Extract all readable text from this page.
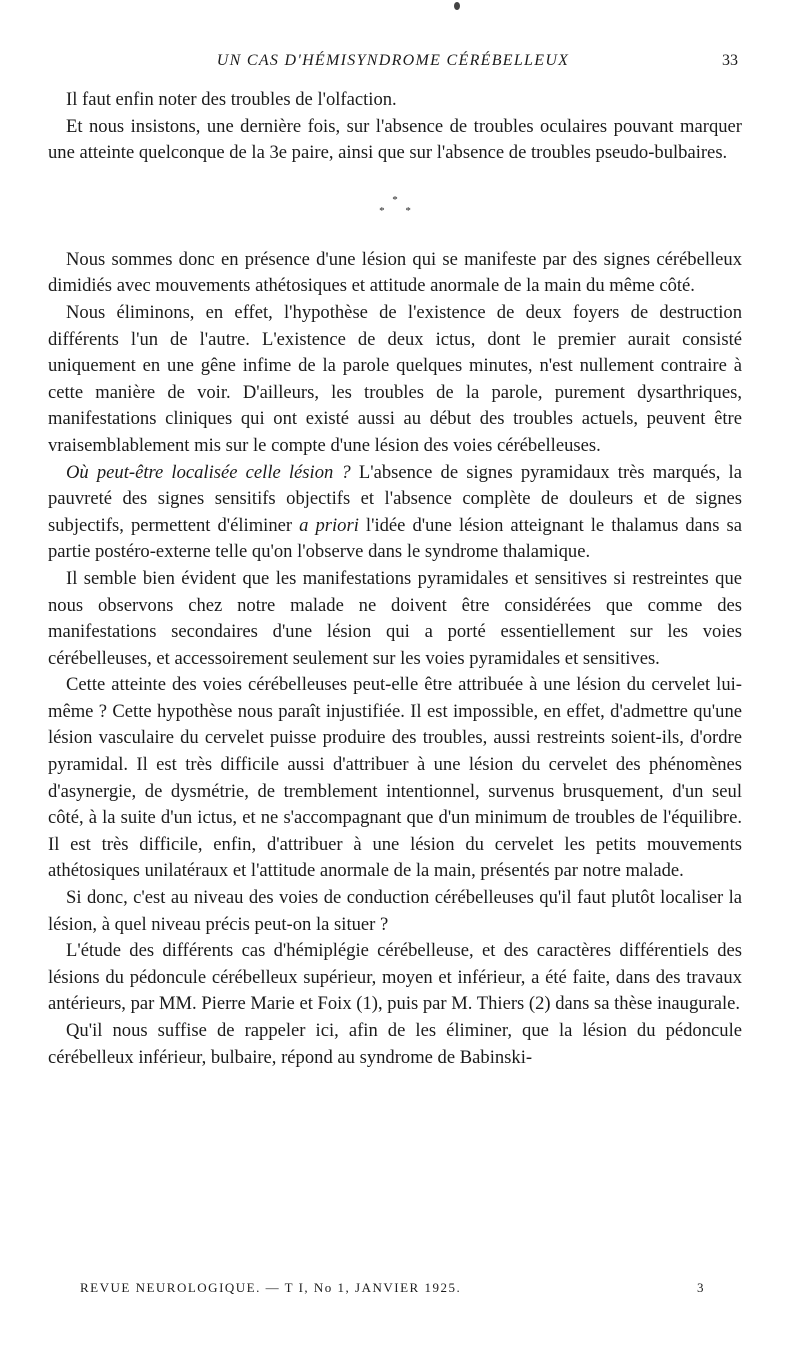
UN CAS D'HÉMISYNDROME CÉRÉBELLEUX	33

Il faut enfin noter des troubles de l'olfaction.

Et nous insistons, une dernière fois, sur l'absence de troubles oculaires pouvant marquer une atteinte quelconque de la 3e paire, ainsi que sur l'absence de troubles pseudo-bulbaires.

*
* *

Nous sommes donc en présence d'une lésion qui se manifeste par des signes cérébelleux dimidiés avec mouvements athétosiques et attitude anormale de la main du même côté.

Nous éliminons, en effet, l'hypothèse de l'existence de deux foyers de destruction différents l'un de l'autre. L'existence de deux ictus, dont le premier aurait consisté uniquement en une gêne infime de la parole quelques minutes, n'est nullement contraire à cette manière de voir. D'ailleurs, les troubles de la parole, purement dysarthriques, manifestations cliniques qui ont existé aussi au début des troubles actuels, peuvent être vraisemblablement mis sur le compte d'une lésion des voies cérébelleuses.

Où peut-être localisée celle lésion ? L'absence de signes pyramidaux très marqués, la pauvreté des signes sensitifs objectifs et l'absence complète de douleurs et de signes subjectifs, permettent d'éliminer a priori l'idée d'une lésion atteignant le thalamus dans sa partie postéro-externe telle qu'on l'observe dans le syndrome thalamique.

Il semble bien évident que les manifestations pyramidales et sensitives si restreintes que nous observons chez notre malade ne doivent être considérées que comme des manifestations secondaires d'une lésion qui a porté essentiellement sur les voies cérébelleuses, et accessoirement seulement sur les voies pyramidales et sensitives.

Cette atteinte des voies cérébelleuses peut-elle être attribuée à une lésion du cervelet lui-même ? Cette hypothèse nous paraît injustifiée. Il est impossible, en effet, d'admettre qu'une lésion vasculaire du cervelet puisse produire des troubles, aussi restreints soient-ils, d'ordre pyramidal. Il est très difficile aussi d'attribuer à une lésion du cervelet des phénomènes d'asynergie, de dysmétrie, de tremblement intentionnel, survenus brusquement, d'un seul côté, à la suite d'un ictus, et ne s'accompagnant que d'un minimum de troubles de l'équilibre. Il est très difficile, enfin, d'attribuer à une lésion du cervelet les petits mouvements athétosiques unilatéraux et l'attitude anormale de la main, présentés par notre malade.

Si donc, c'est au niveau des voies de conduction cérébelleuses qu'il faut plutôt localiser la lésion, à quel niveau précis peut-on la situer ?

L'étude des différents cas d'hémiplégie cérébelleuse, et des caractères différentiels des lésions du pédoncule cérébelleux supérieur, moyen et inférieur, a été faite, dans des travaux antérieurs, par MM. Pierre Marie et Foix (1), puis par M. Thiers (2) dans sa thèse inaugurale.

Qu'il nous suffise de rappeler ici, afin de les éliminer, que la lésion du pédoncule cérébelleux inférieur, bulbaire, répond au syndrome de Babinski-

REVUE NEUROLOGIQUE. — T I, No 1, JANVIER 1925.	3
